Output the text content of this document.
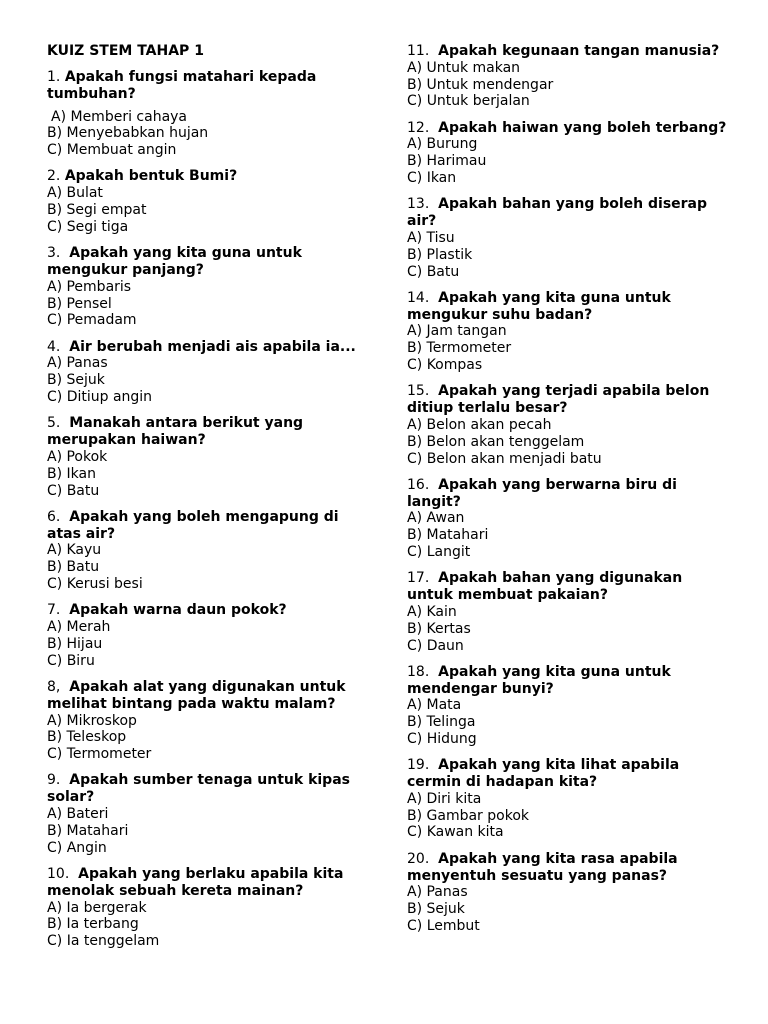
KUIZ STEM TAHAP 1
1. Apakah fungsi matahari kepada tumbuhan?
A) Memberi cahaya
B) Menyebabkan hujan
C) Membuat angin
2. Apakah bentuk Bumi?
A) Bulat
B) Segi empat
C) Segi tiga
3. Apakah yang kita guna untuk mengukur panjang?
A) Pembaris
B) Pensel
C) Pemadam
4. Air berubah menjadi ais apabila ia...
A) Panas
B) Sejuk
C) Ditiup angin
5. Manakah antara berikut yang merupakan haiwan?
A) Pokok
B) Ikan
C) Batu
6. Apakah yang boleh mengapung di atas air?
A) Kayu
B) Batu
C) Kerusi besi
7. Apakah warna daun pokok?
A) Merah
B) Hijau
C) Biru
8, Apakah alat yang digunakan untuk melihat bintang pada waktu malam?
A) Mikroskop
B) Teleskop
C) Termometer
9. Apakah sumber tenaga untuk kipas solar?
A) Bateri
B) Matahari
C) Angin
10. Apakah yang berlaku apabila kita menolak sebuah kereta mainan?
A) Ia bergerak
B) Ia terbang
C) Ia tenggelam
11. Apakah kegunaan tangan manusia?
A) Untuk makan
B) Untuk mendengar
C) Untuk berjalan
12. Apakah haiwan yang boleh terbang?
A) Burung
B) Harimau
C) Ikan
13. Apakah bahan yang boleh diserap air?
A) Tisu
B) Plastik
C) Batu
14. Apakah yang kita guna untuk mengukur suhu badan?
A) Jam tangan
B) Termometer
C) Kompas
15. Apakah yang terjadi apabila belon ditiup terlalu besar?
A) Belon akan pecah
B) Belon akan tenggelam
C) Belon akan menjadi batu
16. Apakah yang berwarna biru di langit?
A) Awan
B) Matahari
C) Langit
17. Apakah bahan yang digunakan untuk membuat pakaian?
A) Kain
B) Kertas
C) Daun
18. Apakah yang kita guna untuk mendengar bunyi?
A) Mata
B) Telinga
C) Hidung
19. Apakah yang kita lihat apabila cermin di hadapan kita?
A) Diri kita
B) Gambar pokok
C) Kawan kita
20. Apakah yang kita rasa apabila menyentuh sesuatu yang panas?
A) Panas
B) Sejuk
C) Lembut
